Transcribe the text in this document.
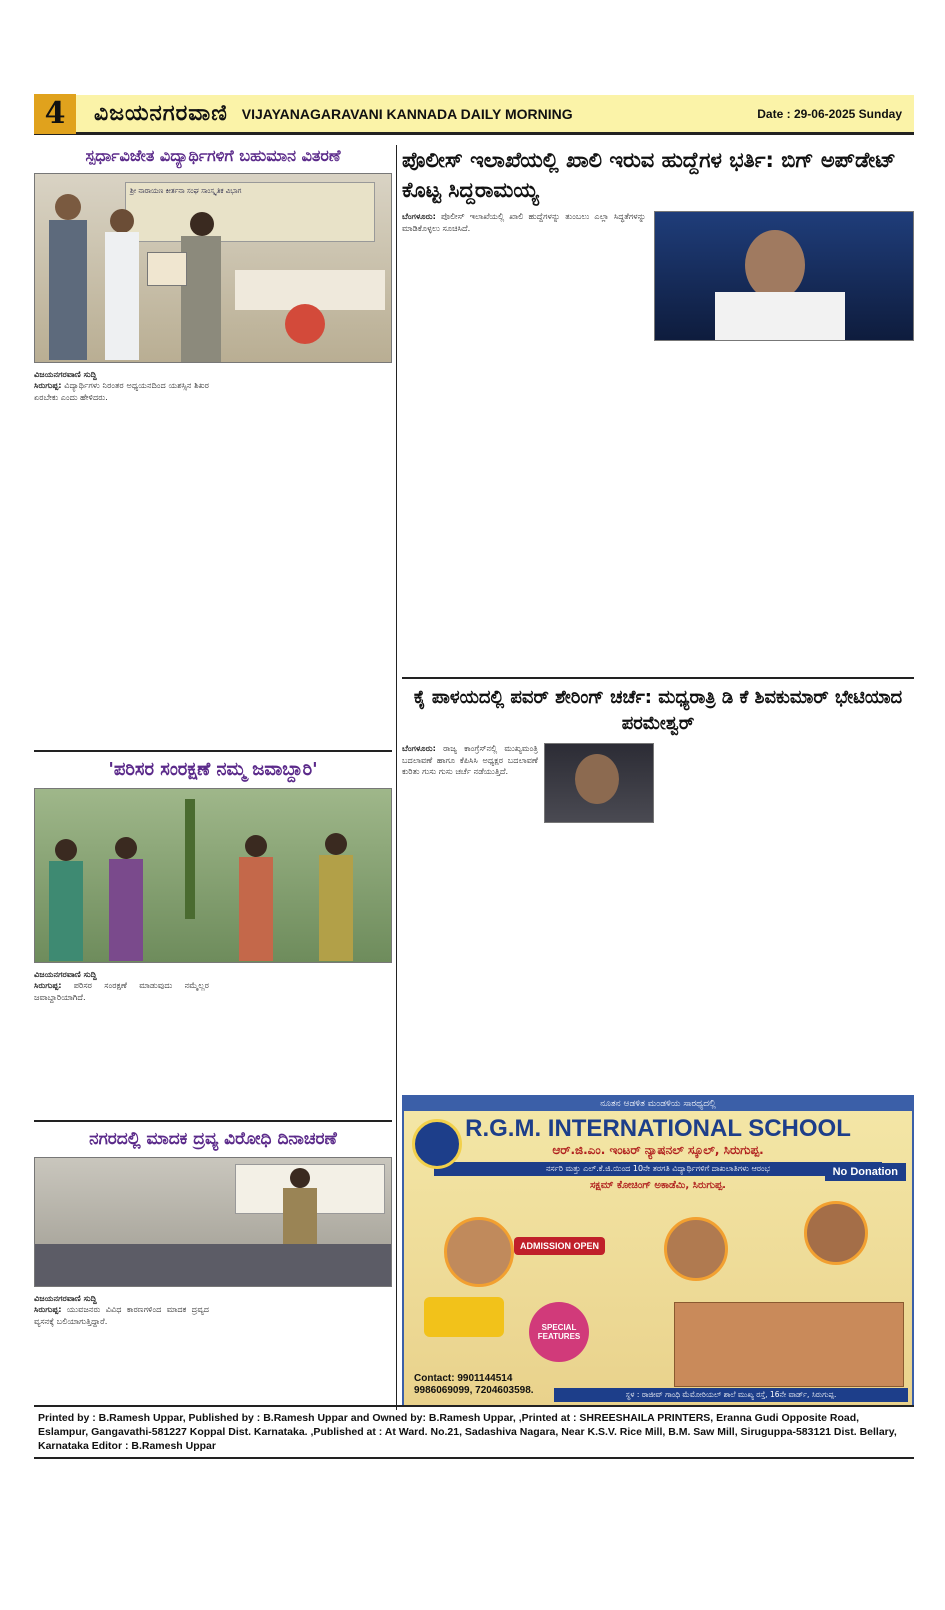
4	ವಿಜಯನಗರವಾಣಿ VIJAYANAGARAVANI KANNADA DAILY MORNING	Date : 29-06-2025 Sunday
ಸ್ಪರ್ಧಾವಿಜೇತ ವಿದ್ಯಾರ್ಥಿಗಳಿಗೆ ಬಹುಮಾನ ವಿತರಣೆ
ಶ್ರೀ ನಾರಾಯಣ ಕೀರ್ತನಾ ಸಂಘ ಸಾಂಸ್ಕೃತಿಕ ವಿಭಾಗ
ವಿಜಯನಗರವಾಣಿ ಸುದ್ದಿ
ಸಿರುಗುಪ್ಪ: ವಿದ್ಯಾರ್ಥಿಗಳು ನಿರಂತರ ಅಧ್ಯಯನದಿಂದ ಯಶಸ್ಸಿನ ಶಿಖರ ಏರಬೇಕು ಎಂದು ಹೇಳಿದರು.
'ಪರಿಸರ ಸಂರಕ್ಷಣೆ ನಮ್ಮ ಜವಾಬ್ದಾರಿ'
ವಿಜಯನಗರವಾಣಿ ಸುದ್ದಿ
ಸಿರುಗುಪ್ಪ: ಪರಿಸರ ಸಂರಕ್ಷಣೆ ಮಾಡುವುದು ನಮ್ಮೆಲ್ಲರ ಜವಾಬ್ದಾರಿಯಾಗಿದೆ.
ನಗರದಲ್ಲಿ ಮಾದಕ ದ್ರವ್ಯ ವಿರೋಧಿ ದಿನಾಚರಣೆ
ವಿಜಯನಗರವಾಣಿ ಸುದ್ದಿ
ಸಿರುಗುಪ್ಪ: ಯುವಜನರು ವಿವಿಧ ಕಾರಣಗಳಿಂದ ಮಾದಕ ದ್ರವ್ಯದ ವ್ಯಸನಕ್ಕೆ ಬಲಿಯಾಗುತ್ತಿದ್ದಾರೆ.
ಪೊಲೀಸ್ ಇಲಾಖೆಯಲ್ಲಿ ಖಾಲಿ ಇರುವ ಹುದ್ದೆಗಳ ಭರ್ತಿ: ಬಿಗ್ ಅಪ್‌ಡೇಟ್ ಕೊಟ್ಟ ಸಿದ್ದರಾಮಯ್ಯ
ಬೆಂಗಳೂರು: ಪೊಲೀಸ್ ಇಲಾಖೆಯಲ್ಲಿ ಖಾಲಿ ಹುದ್ದೆಗಳನ್ನು ತುಂಬಲು ಎಲ್ಲಾ ಸಿದ್ಧತೆಗಳನ್ನು ಮಾಡಿಕೊಳ್ಳಲು ಸೂಚಿಸಿದೆ.
ಕೈ ಪಾಳಯದಲ್ಲಿ ಪವರ್ ಶೇರಿಂಗ್ ಚರ್ಚೆ: ಮಧ್ಯರಾತ್ರಿ ಡಿ ಕೆ ಶಿವಕುಮಾರ್ ಭೇಟಿಯಾದ ಪರಮೇಶ್ವರ್
ಬೆಂಗಳೂರು: ರಾಜ್ಯ ಕಾಂಗ್ರೆಸ್‌ನಲ್ಲಿ ಮುಖ್ಯಮಂತ್ರಿ ಬದಲಾವಣೆ ಹಾಗೂ ಕೆಪಿಸಿಸಿ ಅಧ್ಯಕ್ಷರ ಬದಲಾವಣೆ ಕುರಿತು ಗುಸು ಗುಸು ಚರ್ಚೆ ನಡೆಯುತ್ತಿದೆ.
ನೂತನ ಆಡಳಿತ ಮಂಡಳಿಯ ಸಾರಥ್ಯದಲ್ಲಿ
R.G.M. INTERNATIONAL SCHOOL
ಆರ್.ಜಿ.ಎಂ. ಇಂಟರ್ ನ್ಯಾಷನಲ್ ಸ್ಕೂಲ್, ಸಿರುಗುಪ್ಪ.
ನರ್ಸರಿ ಮತ್ತು ಎಲ್.ಕೆ.ಜಿ.ಯಿಂದ 10ನೇ ತರಗತಿ ವಿದ್ಯಾರ್ಥಿಗಳಿಗೆ ದಾಖಲಾತಿಗಳು ಆರಂಭ	No Donation
ಸಕ್ಷಮ್ ಕೋಚಿಂಗ್ ಅಕಾಡೆಮಿ, ಸಿರುಗುಪ್ಪ.
ADMISSION OPEN
SPECIAL FEATURES
Contact: 9901144514
9986069099, 7204603598.	ಸ್ಥಳ : ರಾಜೀವ್ ಗಾಂಧಿ ಮೆಮೋರಿಯಲ್ ಶಾಲೆ ಮುಖ್ಯ ರಸ್ತೆ, 16ನೇ ವಾರ್ಡ್, ಸಿರುಗುಪ್ಪ.
Printed by : B.Ramesh Uppar, Published by : B.Ramesh Uppar and Owned by: B.Ramesh Uppar, ,Printed at : SHREESHAILA PRINTERS, Eranna Gudi Opposite Road, Eslampur, Gangavathi-581227 Koppal Dist. Karnataka. ,Published at : At Ward. No.21, Sadashiva Nagara, Near K.S.V. Rice Mill, B.M. Saw Mill, Siruguppa-583121 Dist. Bellary, Karnataka Editor : B.Ramesh Uppar
